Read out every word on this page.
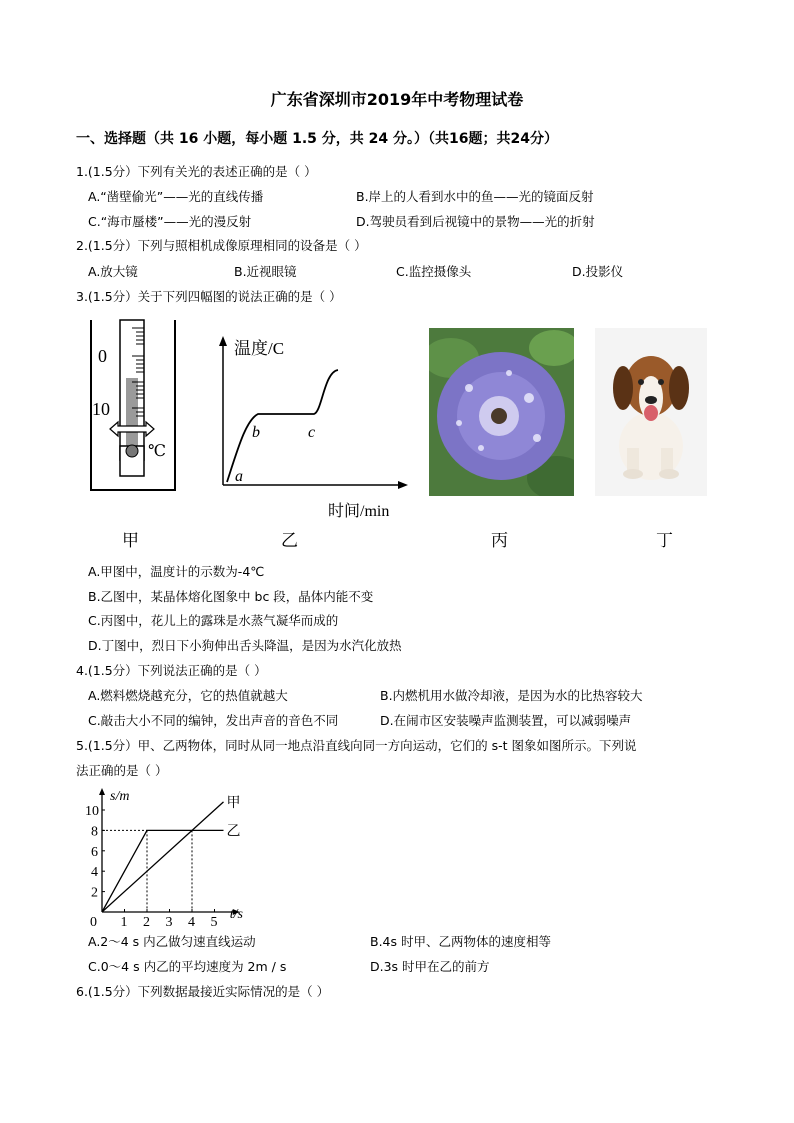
广东省深圳市2019年中考物理试卷
一、选择题（共 16 小题，每小题 1.5 分，共 24 分。）（共16题；共24分）
1.(1.5分）下列有关光的表述正确的是（ ）
A.“凿壁偷光”——光的直线传播	B.岸上的人看到水中的鱼——光的镜面反射
C.“海市蜃楼”——光的漫反射	D.驾驶员看到后视镜中的景物——光的折射
2.(1.5分）下列与照相机成像原理相同的设备是（ ）
A.放大镜	B.近视眼镜	C.监控摄像头	D.投影仪
3.(1.5分）关于下列四幅图的说法正确的是（ ）
0
10
℃
温度/C
时间/min
a
b	c
甲	乙	丙	丁
A.甲图中，温度计的示数为-4℃
B.乙图中，某晶体熔化图象中 bc 段，晶体内能不变
C.丙图中，花儿上的露珠是水蒸气凝华而成的
D.丁图中，烈日下小狗伸出舌头降温，是因为水汽化放热
4.(1.5分）下列说法正确的是（ ）
A.燃料燃烧越充分，它的热值就越大	B.内燃机用水做冷却液，是因为水的比热容较大
C.敲击大小不同的编钟，发出声音的音色不同	D.在闹市区安装噪声监测装置，可以减弱噪声
5.(1.5分）甲、乙两物体，同时从同一地点沿直线向同一方向运动，它们的 s-t 图象如图所示。下列说
法正确的是（ ）
0 1 2 3 4 5
2
4
6
8
10
s/m
t/s
甲
乙
A.2～4 s 内乙做匀速直线运动	B.4s 时甲、乙两物体的速度相等
C.0～4 s 内乙的平均速度为 2m / s	D.3s 时甲在乙的前方
6.(1.5分）下列数据最接近实际情况的是（ ）
